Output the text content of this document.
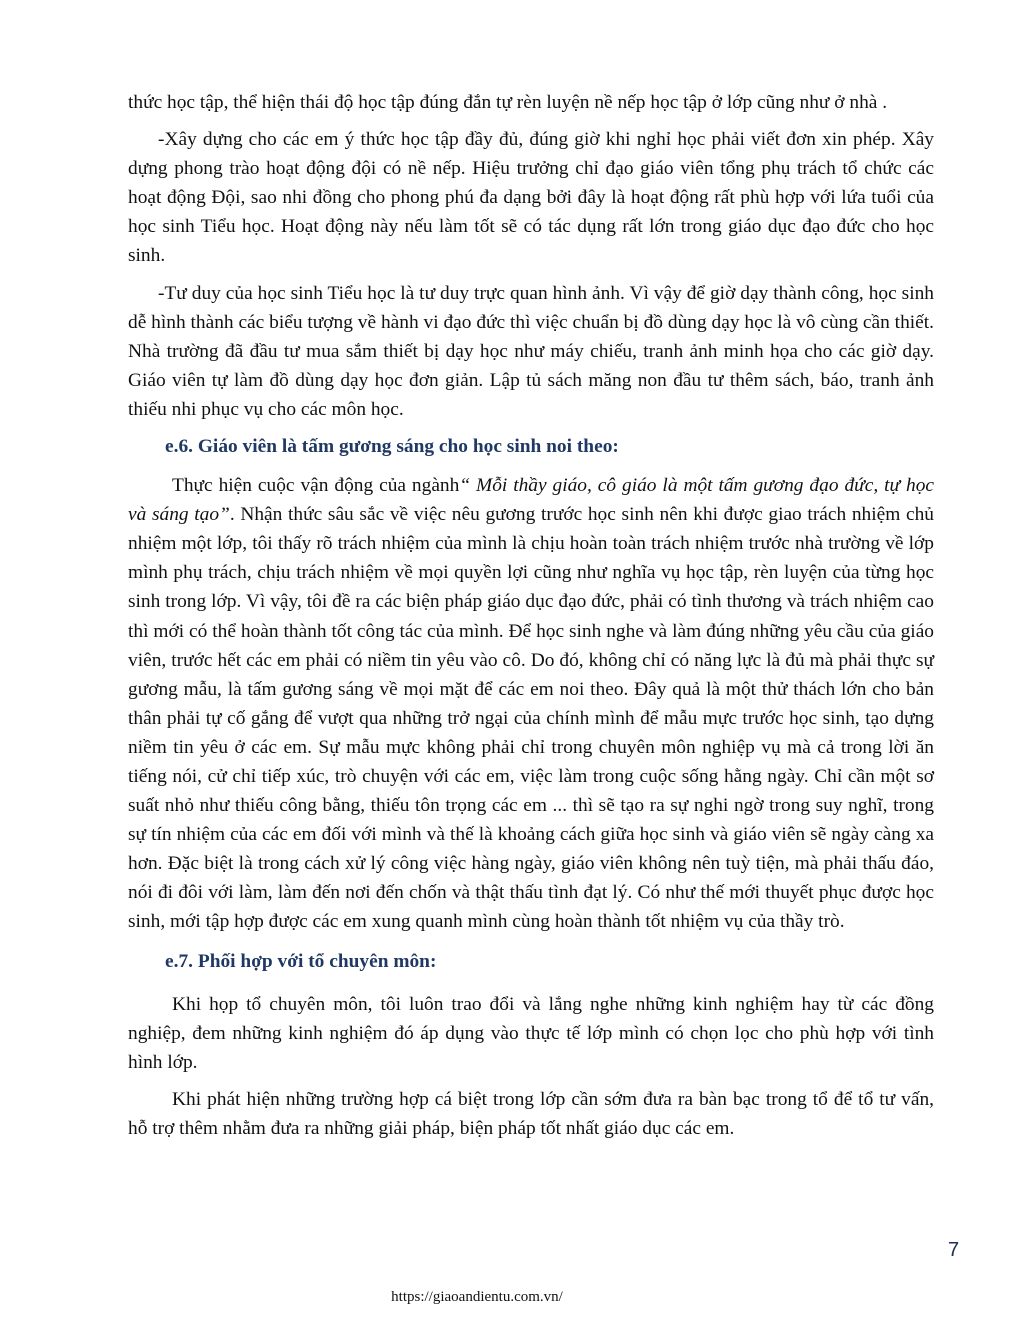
thức học tập, thể hiện thái độ học tập đúng đắn tự rèn luyện nề nếp học tập ở lớp cũng như ở nhà .

-Xây dựng cho các em ý thức học tập đầy đủ, đúng giờ khi nghỉ học phải viết đơn xin phép. Xây dựng phong trào hoạt động đội có nề nếp. Hiệu trưởng chỉ đạo giáo viên tổng phụ trách tổ chức các hoạt động Đội, sao nhi đồng cho phong phú đa dạng bởi đây là hoạt động rất phù hợp với lứa tuổi của học sinh Tiểu học. Hoạt động này nếu làm tốt sẽ có tác dụng rất lớn trong giáo dục đạo đức cho học sinh.

-Tư duy của học sinh Tiểu học là tư duy trực quan hình ảnh. Vì vậy để giờ dạy thành công, học sinh dễ hình thành các biểu tượng về hành vi đạo đức thì việc chuẩn bị đồ dùng dạy học là vô cùng cần thiết. Nhà trường đã đầu tư mua sắm thiết bị dạy học như máy chiếu, tranh ảnh minh họa cho các giờ dạy. Giáo viên tự làm đồ dùng dạy học đơn giản. Lập tủ sách măng non đầu tư thêm sách, báo, tranh ảnh thiếu nhi phục vụ cho các môn học.

e.6. Giáo viên là tấm gương sáng cho học sinh noi theo:

Thực hiện cuộc vận động của ngành“ Mỗi thầy giáo, cô giáo là một tấm gương đạo đức, tự học và sáng tạo”. Nhận thức sâu sắc về việc nêu gương trước học sinh nên khi được giao trách nhiệm chủ nhiệm một lớp, tôi thấy rõ trách nhiệm của mình là chịu hoàn toàn trách nhiệm trước nhà trường về lớp mình phụ trách, chịu trách nhiệm về mọi quyền lợi cũng như nghĩa vụ học tập, rèn luyện của từng học sinh trong lớp. Vì vậy, tôi đề ra các biện pháp giáo dục đạo đức, phải có tình thương và trách nhiệm cao thì mới có thể hoàn thành tốt công tác của mình. Để học sinh nghe và làm đúng những yêu cầu của giáo viên, trước hết các em phải có niềm tin yêu vào cô. Do đó, không chỉ có năng lực là đủ mà phải thực sự gương mẫu, là tấm gương sáng về mọi mặt để các em noi theo. Đây quả là một thử thách lớn cho bản thân phải tự cố gắng để vượt qua những trở ngại của chính mình để mẫu mực trước học sinh, tạo dựng niềm tin yêu ở các em. Sự mẫu mực không phải chỉ trong chuyên môn nghiệp vụ mà cả trong lời ăn tiếng nói, cử chỉ tiếp xúc, trò chuyện với các em, việc làm trong cuộc sống hằng ngày. Chỉ cần một sơ suất nhỏ như thiếu công bằng, thiếu tôn trọng các em ... thì sẽ tạo ra sự nghi ngờ trong suy nghĩ, trong sự tín nhiệm của các em đối với mình và thế là khoảng cách giữa học sinh và giáo viên sẽ ngày càng xa hơn. Đặc biệt là trong cách xử lý công việc hàng ngày, giáo viên không nên tuỳ tiện, mà phải thấu đáo, nói đi đôi với làm, làm đến nơi đến chốn và thật thấu tình đạt lý. Có như thế mới thuyết phục được học sinh, mới tập hợp được các em xung quanh mình cùng hoàn thành tốt nhiệm vụ của thầy trò.

e.7. Phối hợp với tổ chuyên môn:

Khi họp tổ chuyên môn, tôi luôn trao đổi và lắng nghe những kinh nghiệm hay từ các đồng nghiệp, đem những kinh nghiệm đó áp dụng vào thực tế lớp mình có chọn lọc cho phù hợp với tình hình lớp.

Khi phát hiện những trường hợp cá biệt trong lớp cần sớm đưa ra bàn bạc trong tổ để tổ tư vấn, hỗ trợ thêm nhằm đưa ra những giải pháp, biện pháp tốt nhất giáo dục các em.

7
https://giaoandientu.com.vn/
